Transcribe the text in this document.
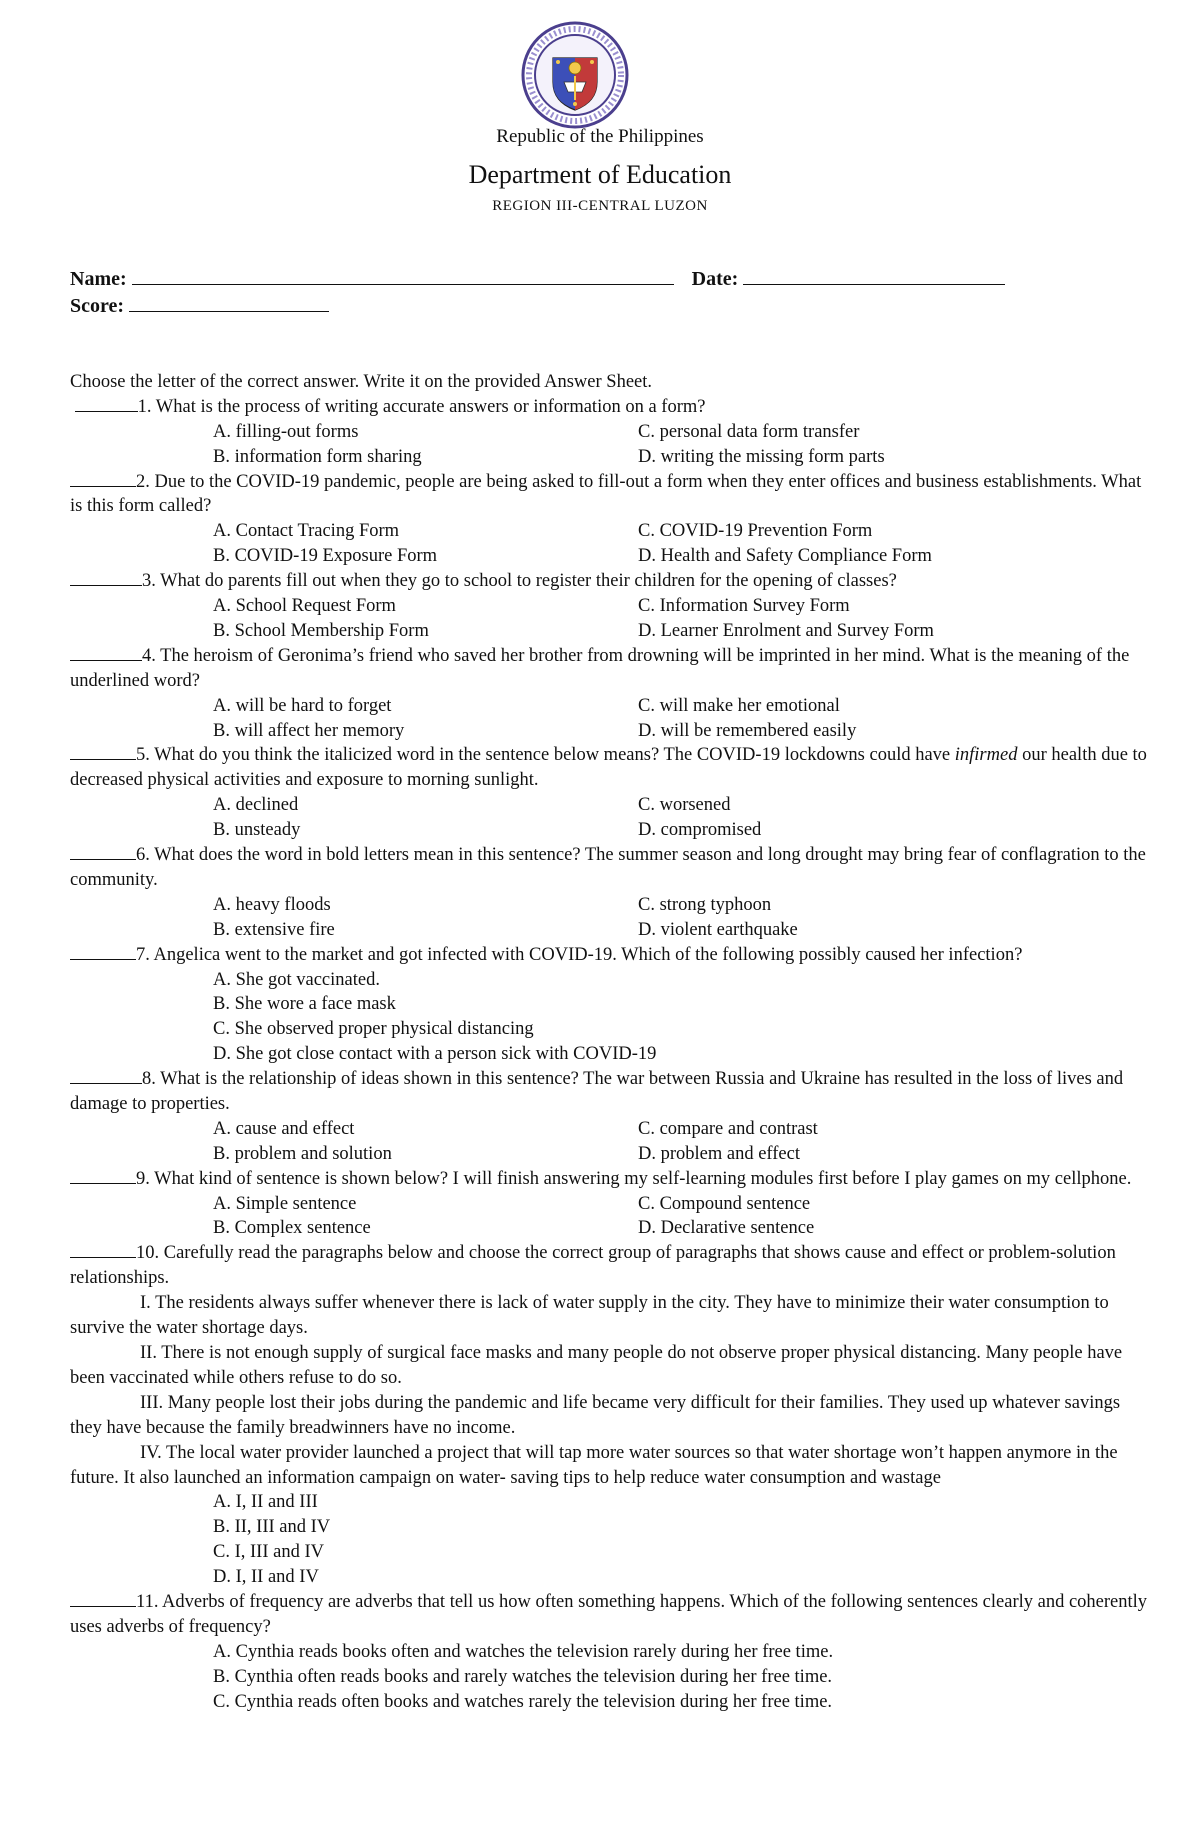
Republic of the Philippines
Department of Education
REGION III-CENTRAL LUZON
Name:	Date:
Score:
Choose the letter of the correct answer. Write it on the provided Answer Sheet.
1. What is the process of writing accurate answers or information on a form?
A. filling-out forms	C. personal data form transfer
B. information form sharing	D. writing the missing form parts
2. Due to the COVID-19 pandemic, people are being asked to fill-out a form when they enter offices and business establishments. What is this form called?
A. Contact Tracing Form	C. COVID-19 Prevention Form
B. COVID-19 Exposure Form	D. Health and Safety Compliance Form
3. What do parents fill out when they go to school to register their children for the opening of classes?
A. School Request Form	C. Information Survey Form
B. School Membership Form	D. Learner Enrolment and Survey Form
4. The heroism of Geronima’s friend who saved her brother from drowning will be imprinted in her mind. What is the meaning of the underlined word?
A. will be hard to forget	C. will make her emotional
B. will affect her memory	D. will be remembered easily
5. What do you think the italicized word in the sentence below means? The COVID-19 lockdowns could have infirmed our health due to decreased physical activities and exposure to morning sunlight.
A. declined	C. worsened
B. unsteady	D. compromised
6. What does the word in bold letters mean in this sentence? The summer season and long drought may bring fear of conflagration to the community.
A. heavy floods	C. strong typhoon
B. extensive fire	D. violent earthquake
7. Angelica went to the market and got infected with COVID-19. Which of the following possibly caused her infection?
A. She got vaccinated.
B. She wore a face mask
C. She observed proper physical distancing
D. She got close contact with a person sick with COVID-19
8. What is the relationship of ideas shown in this sentence? The war between Russia and Ukraine has resulted in the loss of lives and damage to properties.
A. cause and effect	C. compare and contrast
B. problem and solution	D. problem and effect
9. What kind of sentence is shown below? I will finish answering my self-learning modules first before I play games on my cellphone.
A. Simple sentence	C. Compound sentence
B. Complex sentence	D. Declarative sentence
10. Carefully read the paragraphs below and choose the correct group of paragraphs that shows cause and effect or problem-solution relationships.
I. The residents always suffer whenever there is lack of water supply in the city. They have to minimize their water consumption to survive the water shortage days.
II. There is not enough supply of surgical face masks and many people do not observe proper physical distancing. Many people have been vaccinated while others refuse to do so.
III. Many people lost their jobs during the pandemic and life became very difficult for their families. They used up whatever savings they have because the family breadwinners have no income.
IV. The local water provider launched a project that will tap more water sources so that water shortage won’t happen anymore in the future. It also launched an information campaign on water- saving tips to help reduce water consumption and wastage
A. I, II and III
B. II, III and IV
C. I, III and IV
D. I, II and IV
11. Adverbs of frequency are adverbs that tell us how often something happens. Which of the following sentences clearly and coherently uses adverbs of frequency?
A. Cynthia reads books often and watches the television rarely during her free time.
B. Cynthia often reads books and rarely watches the television during her free time.
C. Cynthia reads often books and watches rarely the television during her free time.
